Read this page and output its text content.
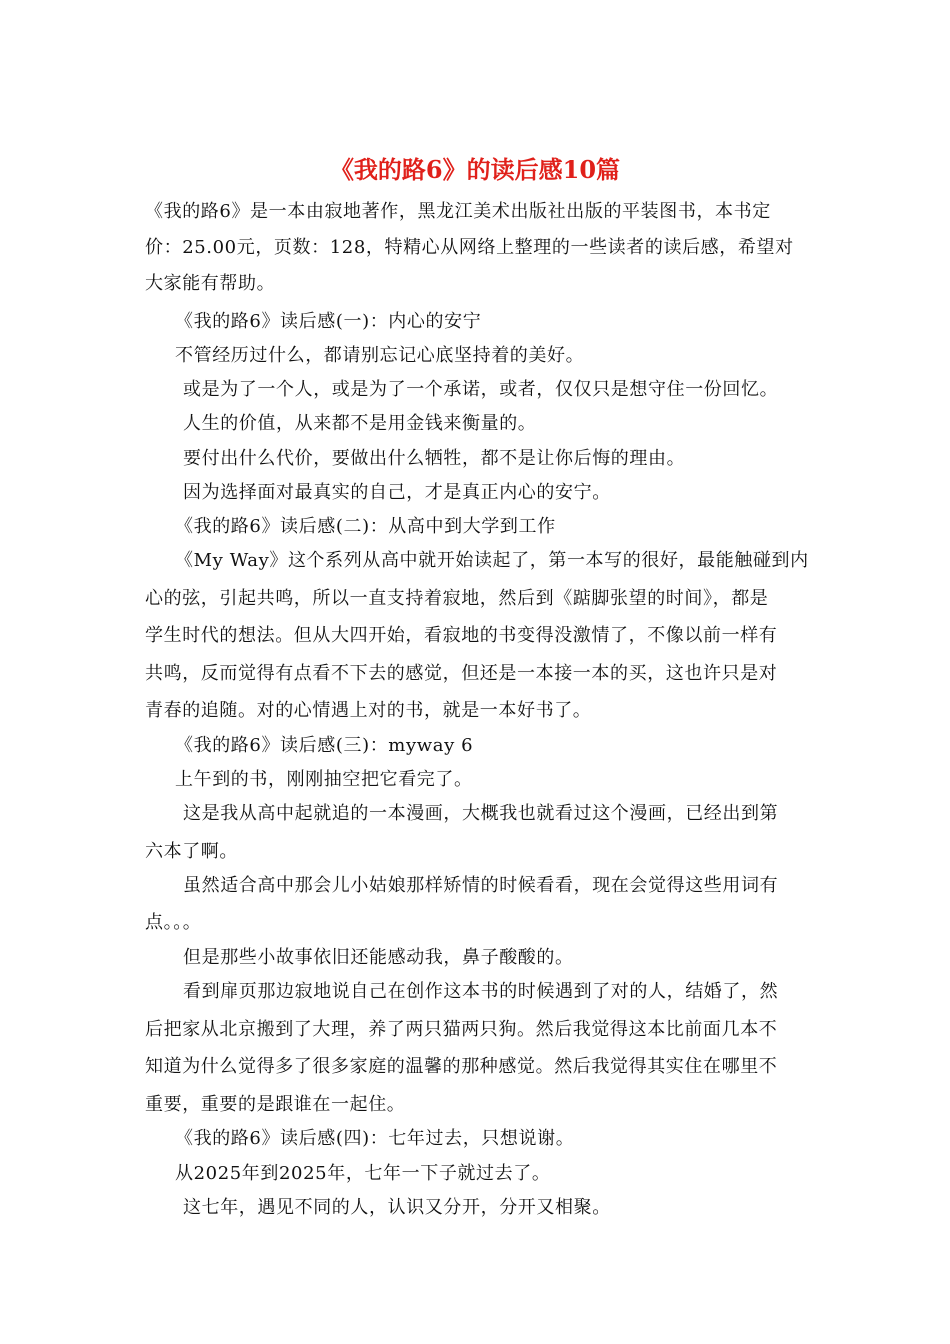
《我的路6》的读后感10篇
《我的路6》是一本由寂地著作，黑龙江美术出版社出版的平装图书，本书定
价：25.00元，页数：128，特精心从网络上整理的一些读者的读后感，希望对
大家能有帮助。
《我的路6》读后感(一)：内心的安宁
不管经历过什么，都请别忘记心底坚持着的美好。
或是为了一个人，或是为了一个承诺，或者，仅仅只是想守住一份回忆。
人生的价值，从来都不是用金钱来衡量的。
要付出什么代价，要做出什么牺牲，都不是让你后悔的理由。
因为选择面对最真实的自己，才是真正内心的安宁。
《我的路6》读后感(二)：从高中到大学到工作
《My Way》这个系列从高中就开始读起了，第一本写的很好，最能触碰到内
心的弦，引起共鸣，所以一直支持着寂地，然后到《踮脚张望的时间》，都是
学生时代的想法。但从大四开始，看寂地的书变得没激情了，不像以前一样有
共鸣，反而觉得有点看不下去的感觉，但还是一本接一本的买，这也许只是对
青春的追随。对的心情遇上对的书，就是一本好书了。
《我的路6》读后感(三)：myway 6
上午到的书，刚刚抽空把它看完了。
这是我从高中起就追的一本漫画，大概我也就看过这个漫画，已经出到第
六本了啊。
虽然适合高中那会儿小姑娘那样矫情的时候看看，现在会觉得这些用词有
点。。。
但是那些小故事依旧还能感动我，鼻子酸酸的。
看到扉页那边寂地说自己在创作这本书的时候遇到了对的人，结婚了，然
后把家从北京搬到了大理，养了两只猫两只狗。然后我觉得这本比前面几本不
知道为什么觉得多了很多家庭的温馨的那种感觉。然后我觉得其实住在哪里不
重要，重要的是跟谁在一起住。
《我的路6》读后感(四)：七年过去，只想说谢。
从2025年到2025年，七年一下子就过去了。
这七年，遇见不同的人，认识又分开，分开又相聚。
